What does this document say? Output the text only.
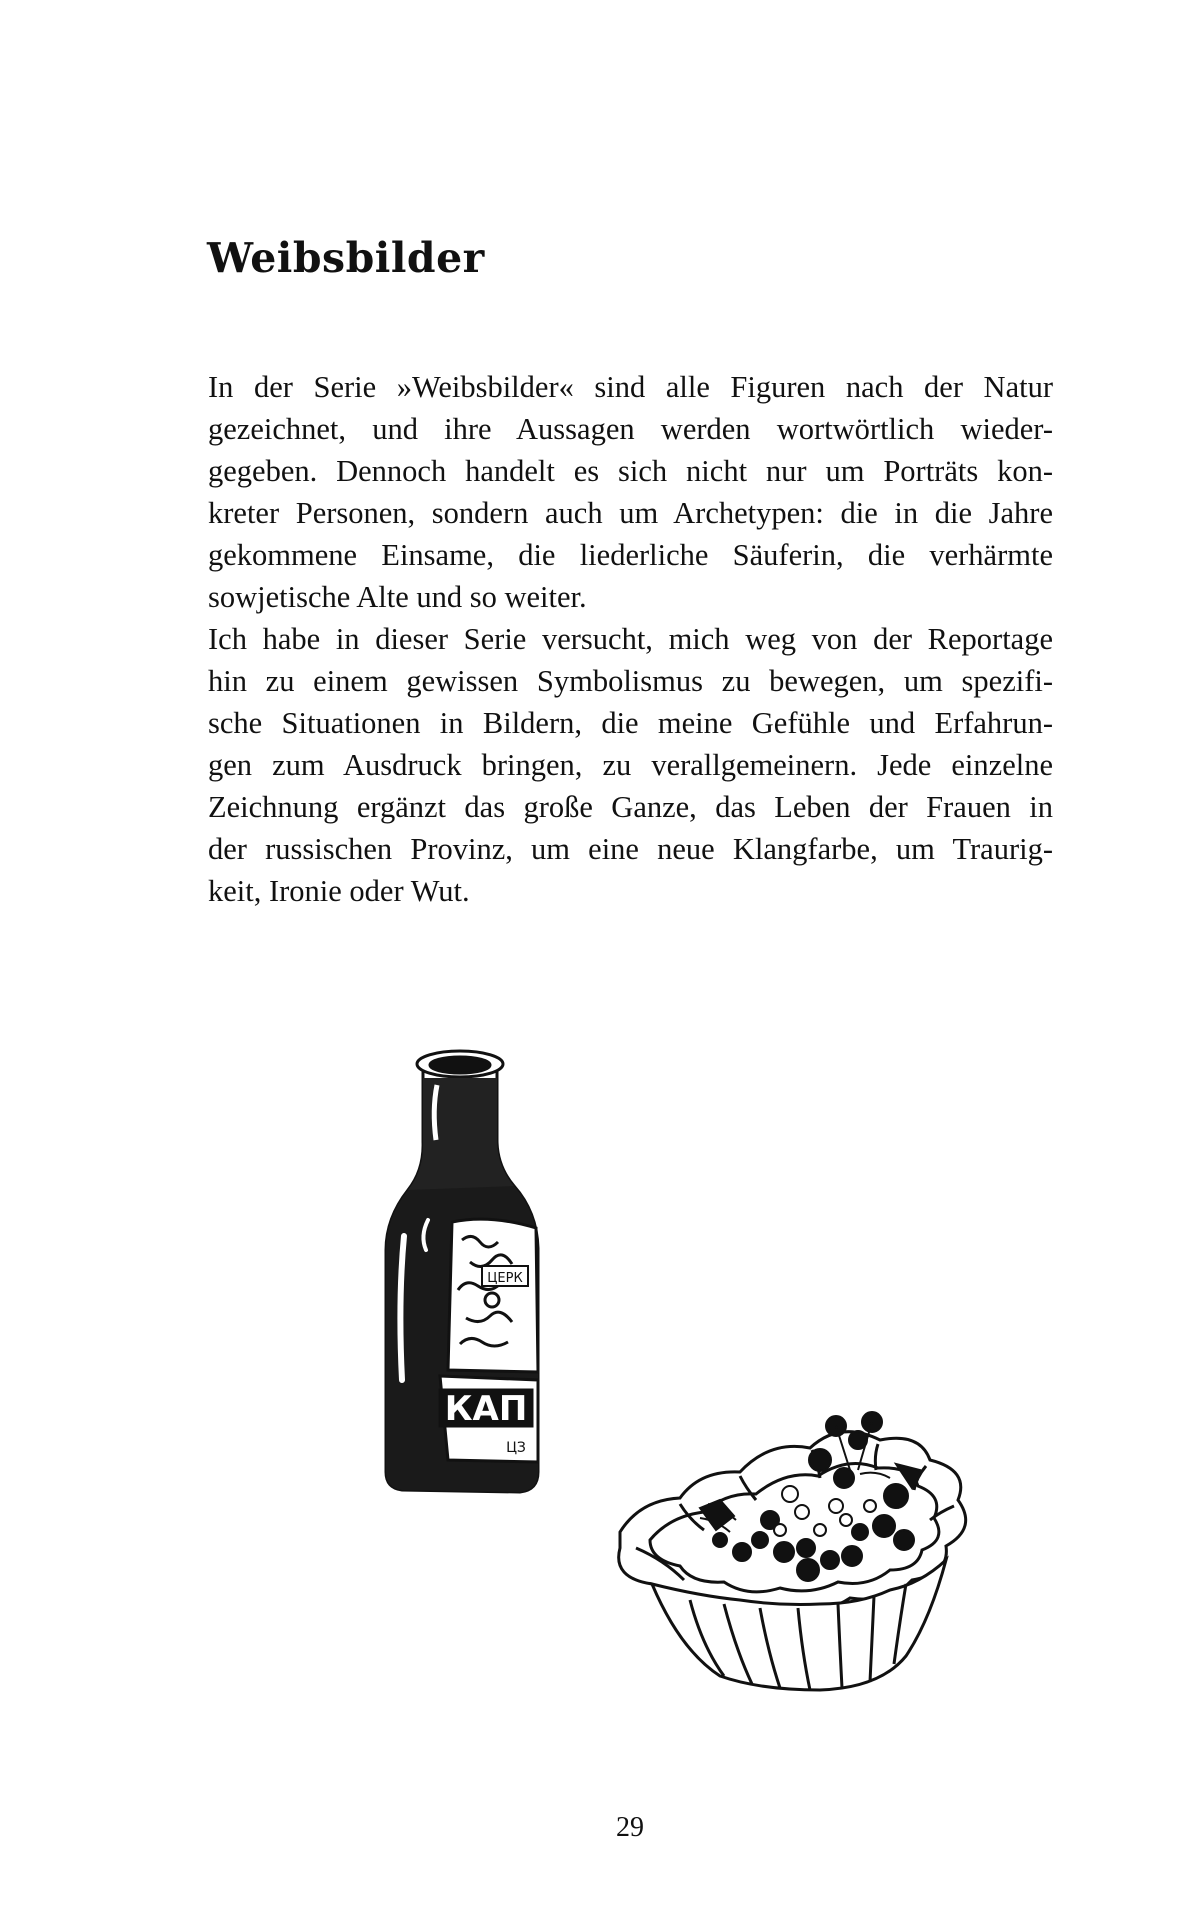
Weibsbilder
In der Serie »Weibsbilder« sind alle Figuren nach der Natur
gezeichnet, und ihre Aussagen werden wortwörtlich wieder-
gegeben. Dennoch handelt es sich nicht nur um Porträts kon-
kreter Personen, sondern auch um Archetypen: die in die Jahre
gekommene Einsame, die liederliche Säuferin, die verhärmte
sowjetische Alte und so weiter.
Ich habe in dieser Serie versucht, mich weg von der Reportage
hin zu einem gewissen Symbolismus zu bewegen, um spezifi-
sche Situationen in Bildern, die meine Gefühle und Erfahrun-
gen zum Ausdruck bringen, zu verallgemeinern. Jede einzelne
Zeichnung ergänzt das große Ganze, das Leben der Frauen in
der russischen Provinz, um eine neue Klangfarbe, um Traurig-
keit, Ironie oder Wut.
КАП
ЦЕРК
ЦЗ
29
